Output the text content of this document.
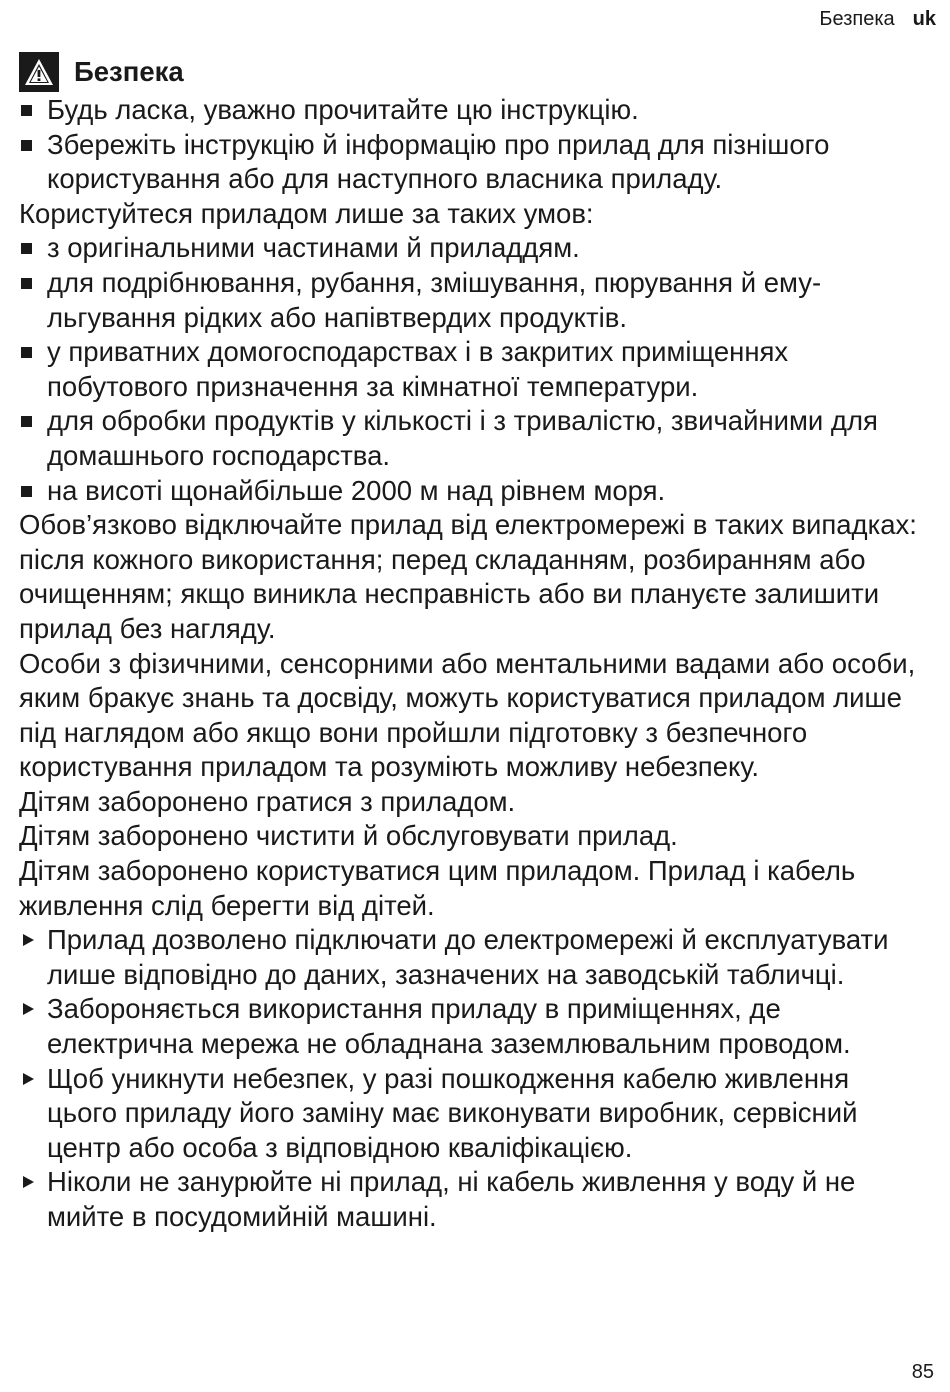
Безпека uk
Безпека
Будь ласка, уважно прочитайте цю інструкцію.
Збережіть інструкцію й інформацію про прилад для пізнішого користування або для наступного власника приладу.

Користуйтеся приладом лише за таких умов:

з оригінальними частинами й приладдям.
для подрібнювання, рубання, змішування, пюрування й емульгування рідких або напівтвердих продуктів.
у приватних домогосподарствах і в закритих приміщеннях побутового призначення за кімнатної температури.
для обробки продуктів у кількості і з тривалістю, звичайними для домашнього господарства.
на висоті щонайбільше 2000 м над рівнем моря.

Обов’язково відключайте прилад від електромережі в таких випадках: після кожного використання; перед складанням, розбиранням або очищенням; якщо виникла несправність або ви плануєте залишити прилад без нагляду.

Особи з фізичними, сенсорними або ментальними вадами або особи, яким бракує знань та досвіду, можуть користуватися приладом лише під наглядом або якщо вони пройшли підготовку з безпечного користування приладом та розуміють можливу небезпеку.

Дітям заборонено гратися з приладом.

Дітям заборонено чистити й обслуговувати прилад.

Дітям заборонено користуватися цим приладом. Прилад і кабель живлення слід берегти від дітей.

Прилад дозволено підключати до електромережі й експлуатувати лише відповідно до даних, зазначених на заводській табличці.
Забороняється використання приладу в приміщеннях, де електрична мережа не обладнана заземлювальним проводом.
Щоб уникнути небезпек, у разі пошкодження кабелю живлення цього приладу його заміну має виконувати виробник, сервісний центр або особа з відповідною кваліфікацією.
Ніколи не занурюйте ні прилад, ні кабель живлення у воду й не мийте в посудомийній машині.
85
